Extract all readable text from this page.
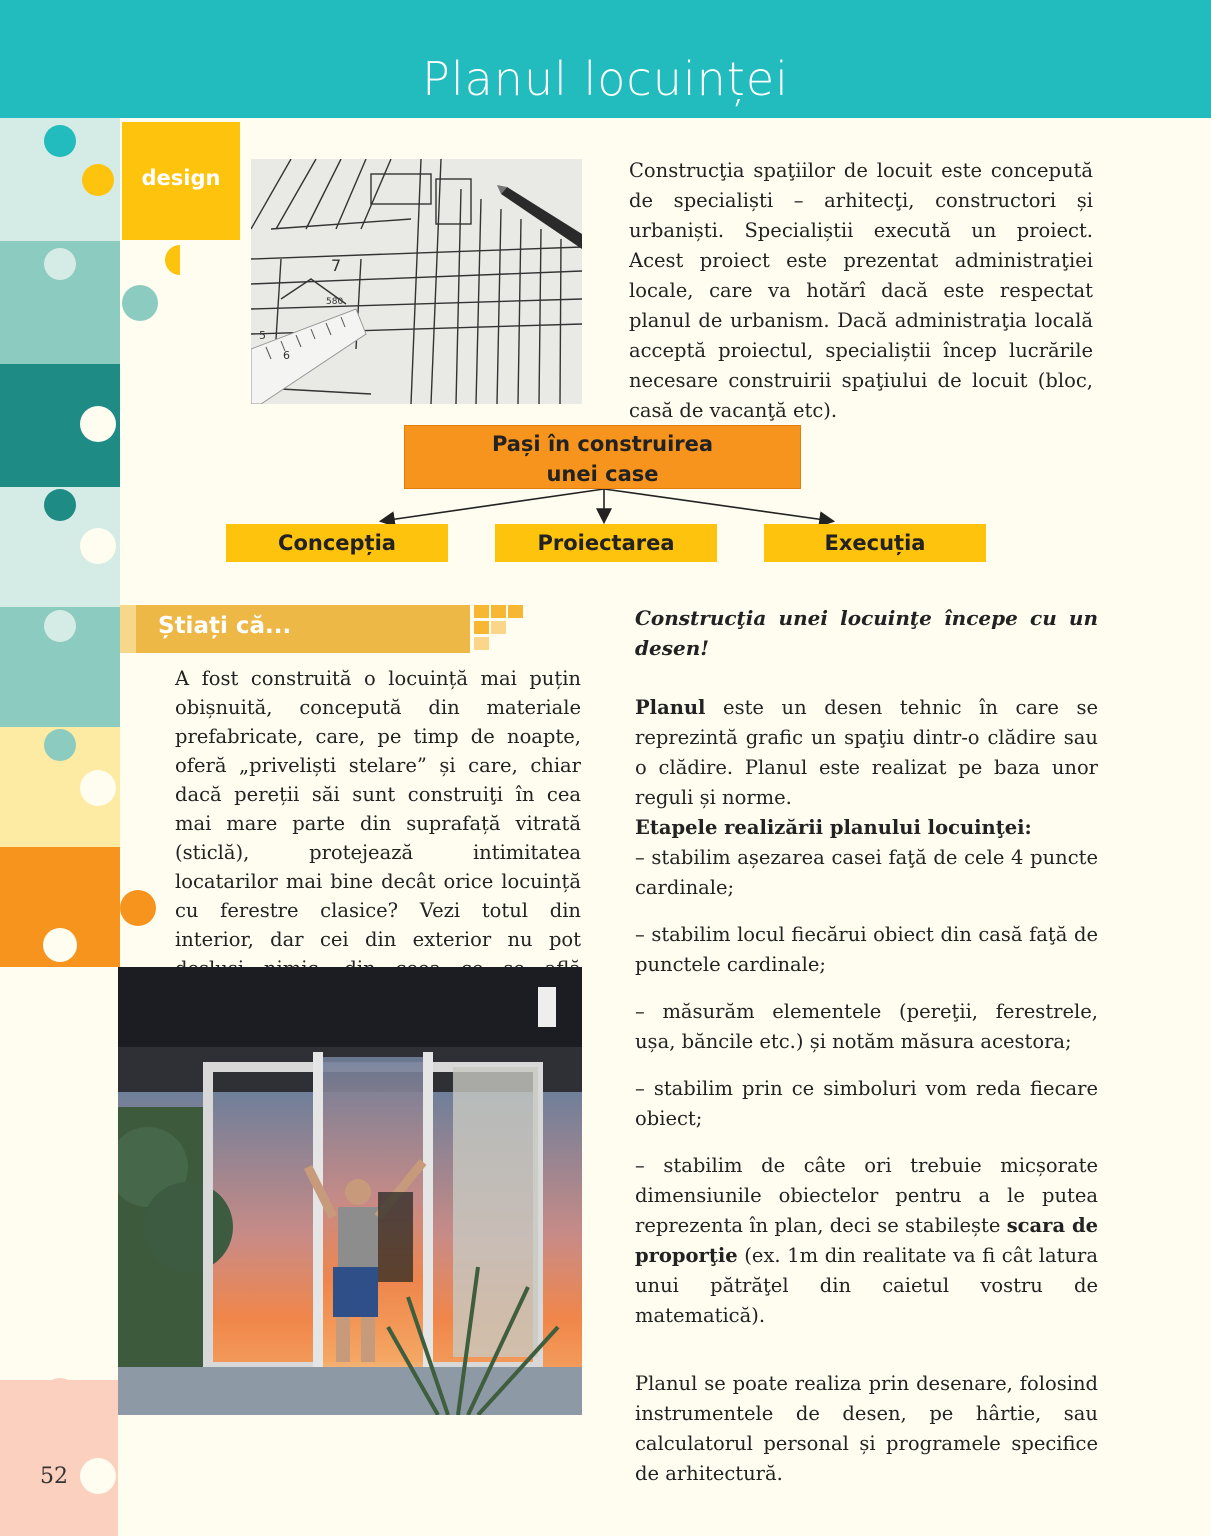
Planul locuinței
design
7
580
5
6
Construcţia spaţiilor de locuit este concepută de specialiști – arhitecţi, constructori și urbaniști. Specialiștii execută un proiect. Acest proiect este prezentat administraţiei locale, care va hotărî dacă este respectat planul de urbanism. Dacă administraţia locală acceptă proiectul, specialiștii încep lucrările necesare construirii spaţiului de locuit (bloc, casă de vacanţă etc).
Pași în construirea
unei case
Concepția	Proiectarea	Execuția
Știați că...
A fost construită o locuință mai puțin obișnuită, concepută din materiale prefabricate, care, pe timp de noapte, oferă „priveliști stelare” și care, chiar dacă pereții săi sunt construiţi în cea mai mare parte din suprafață vitrată (sticlă), protejează intimitatea locatarilor mai bine decât orice locuință cu ferestre clasice? Vezi totul din interior, dar cei din exterior nu pot

Construcţia unei locuinţe începe cu un desen!

Planul este un desen tehnic în care se reprezintă grafic un spaţiu dintr-o clădire sau o clădire. Planul este realizat pe baza unor reguli și norme.

Etapele realizării planului locuinţei:

– stabilim așezarea casei faţă de cele 4 puncte cardinale;

– stabilim locul fiecărui obiect din casă faţă de punctele cardinale;

– măsurăm elementele (pereţii, ferestrele, ușa, băncile etc.) și notăm măsura acestora;

– stabilim prin ce simboluri vom reda fiecare obiect;

– stabilim de câte ori trebuie micșorate dimensiunile obiectelor pentru a le putea reprezenta în plan, deci se stabilește scara de proporţie (ex. 1m din realitate va fi cât latura unui pătrăţel din caietul vostru de matematică).

Planul se poate realiza prin desenare, folosind instrumentele de desen, pe hârtie, sau calculatorul personal și programele specifice de arhitectură.

52
